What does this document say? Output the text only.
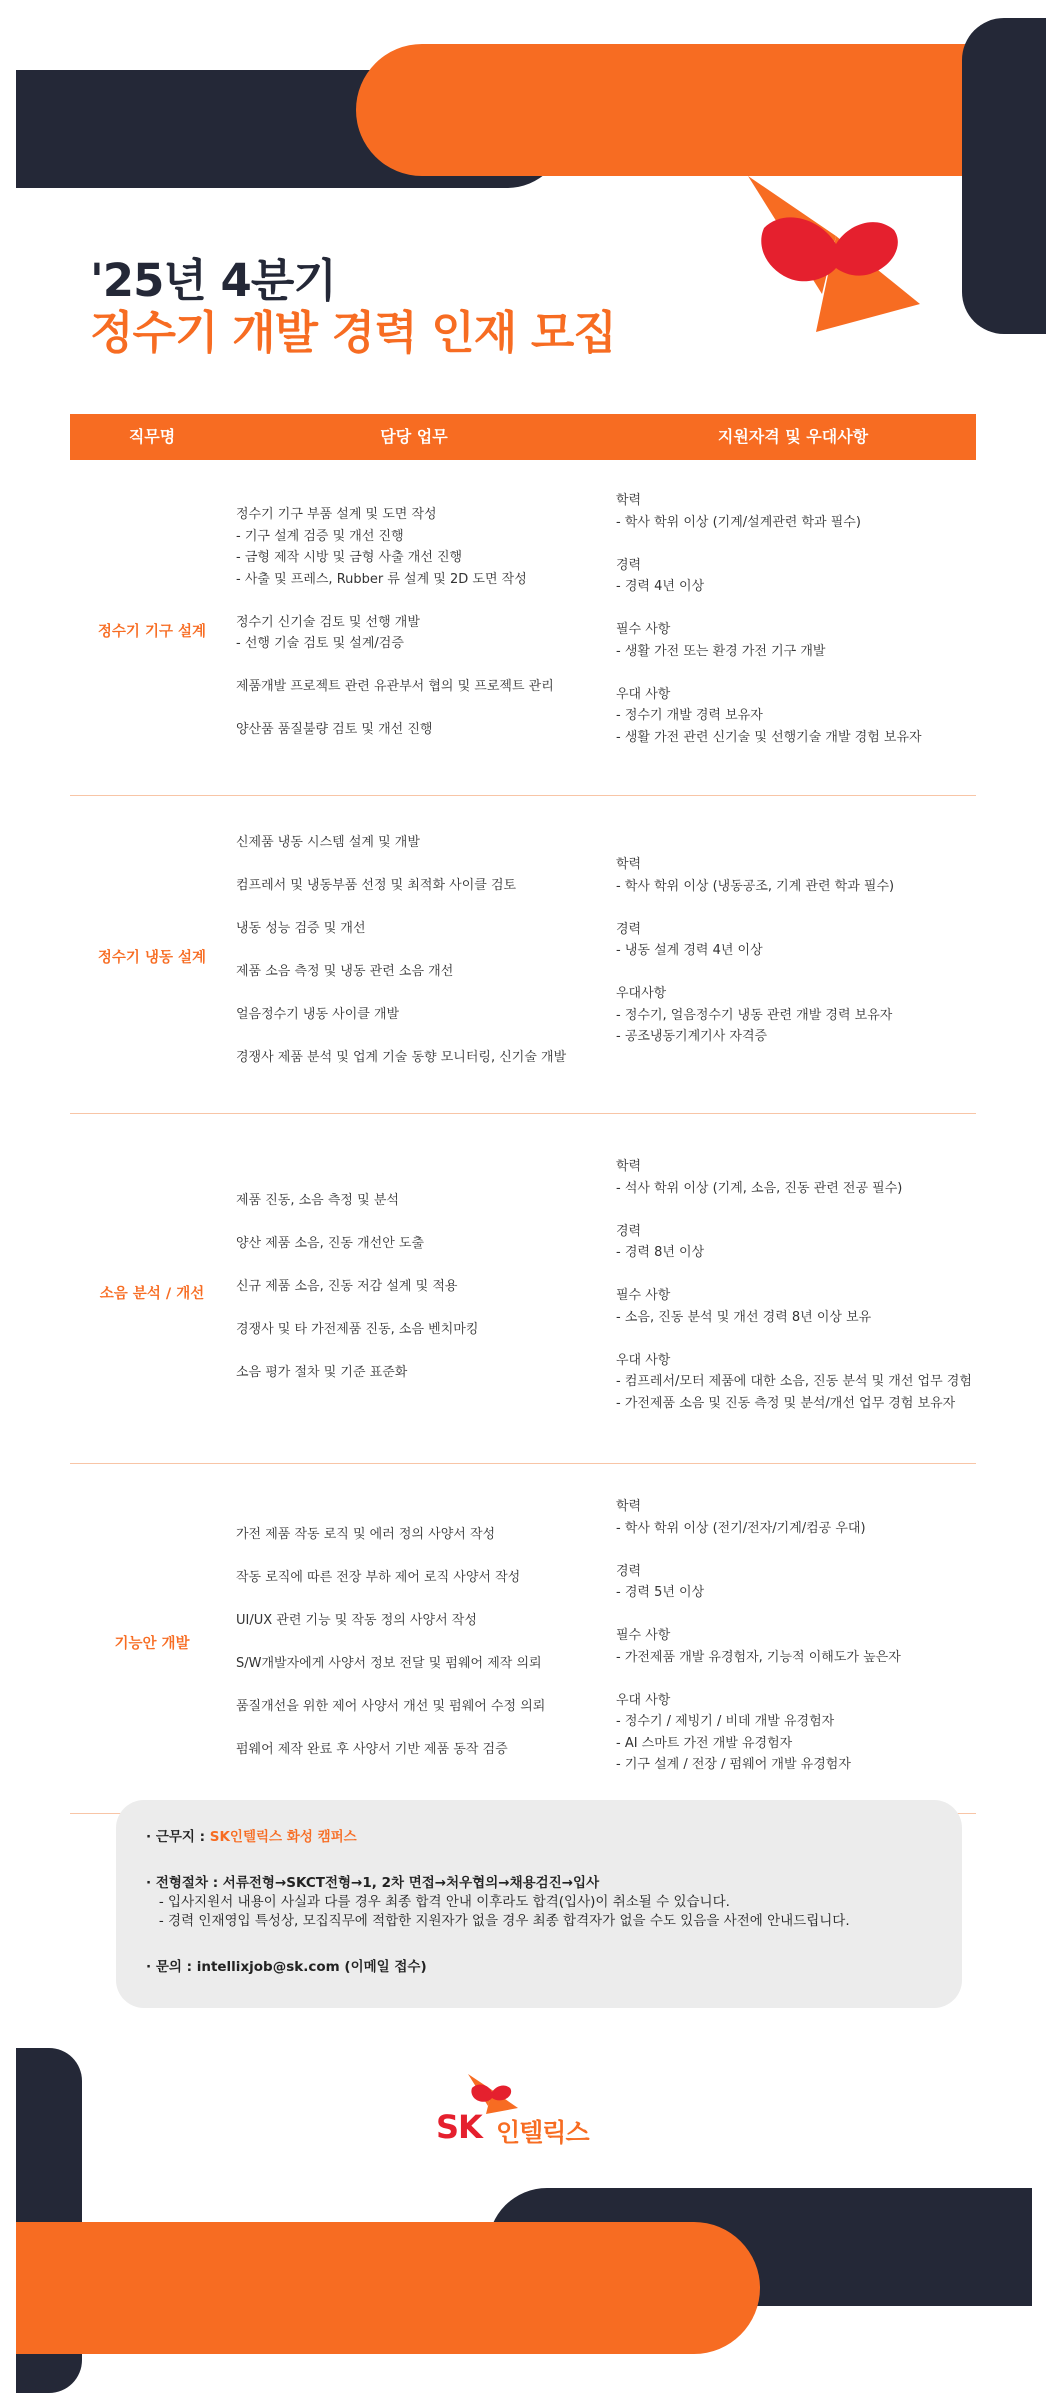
'25년 4분기
정수기 개발 경력 인재 모집
직무명	담당 업무	지원자격 및 우대사항
정수기 기구 설계
정수기 기구 부품 설계 및 도면 작성
- 기구 설계 검증 및 개선 진행
- 금형 제작 시방 및 금형 사출 개선 진행
- 사출 및 프레스, Rubber 류 설계 및 2D 도면 작성
정수기 신기술 검토 및 선행 개발
- 선행 기술 검토 및 설계/검증
제품개발 프로젝트 관련 유관부서 협의 및 프로젝트 관리
양산품 품질불량 검토 및 개선 진행
학력
- 학사 학위 이상 (기계/설계관련 학과 필수)
경력
- 경력 4년 이상
필수 사항
- 생활 가전 또는 환경 가전 기구 개발
우대 사항
- 정수기 개발 경력 보유자
- 생활 가전 관련 신기술 및 선행기술 개발 경험 보유자
정수기 냉동 설계
신제품 냉동 시스템 설계 및 개발
컴프레서 및 냉동부품 선정 및 최적화 사이클 검토
냉동 성능 검증 및 개선
제품 소음 측정 및 냉동 관련 소음 개선
얼음정수기 냉동 사이클 개발
경쟁사 제품 분석 및 업계 기술 동향 모니터링, 신기술 개발
학력
- 학사 학위 이상 (냉동공조, 기계 관련 학과 필수)
경력
- 냉동 설계 경력 4년 이상
우대사항
- 정수기, 얼음정수기 냉동 관련 개발 경력 보유자
- 공조냉동기계기사 자격증
소음 분석 / 개선
제품 진동, 소음 측정 및 분석
양산 제품 소음, 진동 개선안 도출
신규 제품 소음, 진동 저감 설계 및 적용
경쟁사 및 타 가전제품 진동, 소음 벤치마킹
소음 평가 절차 및 기준 표준화
학력
- 석사 학위 이상 (기계, 소음, 진동 관련 전공 필수)
경력
- 경력 8년 이상
필수 사항
- 소음, 진동 분석 및 개선 경력 8년 이상 보유
우대 사항
- 컴프레서/모터 제품에 대한 소음, 진동 분석 및 개선 업무 경험
- 가전제품 소음 및 진동 측정 및 분석/개선 업무 경험 보유자
기능안 개발
가전 제품 작동 로직 및 에러 정의 사양서 작성
작동 로직에 따른 전장 부하 제어 로직 사양서 작성
UI/UX 관련 기능 및 작동 정의 사양서 작성
S/W개발자에게 사양서 정보 전달 및 펌웨어 제작 의뢰
품질개선을 위한 제어 사양서 개선 및 펌웨어 수정 의뢰
펌웨어 제작 완료 후 사양서 기반 제품 동작 검증
학력
- 학사 학위 이상 (전기/전자/기계/컴공 우대)
경력
- 경력 5년 이상
필수 사항
- 가전제품 개발 유경험자, 기능적 이해도가 높은자
우대 사항
- 정수기 / 제빙기 / 비데 개발 유경험자
- AI 스마트 가전 개발 유경험자
- 기구 설계 / 전장 / 펌웨어 개발 유경험자
· 근무지 : SK인텔릭스 화성 캠퍼스
· 전형절차 : 서류전형→SKCT전형→1, 2차 면접→처우협의→채용검진→입사
- 입사지원서 내용이 사실과 다를 경우 최종 합격 안내 이후라도 합격(입사)이 취소될 수 있습니다.
- 경력 인재영입 특성상, 모집직무에 적합한 지원자가 없을 경우 최종 합격자가 없을 수도 있음을 사전에 안내드립니다.
· 문의 : intellixjob@sk.com (이메일 접수)
SK 인텔릭스
